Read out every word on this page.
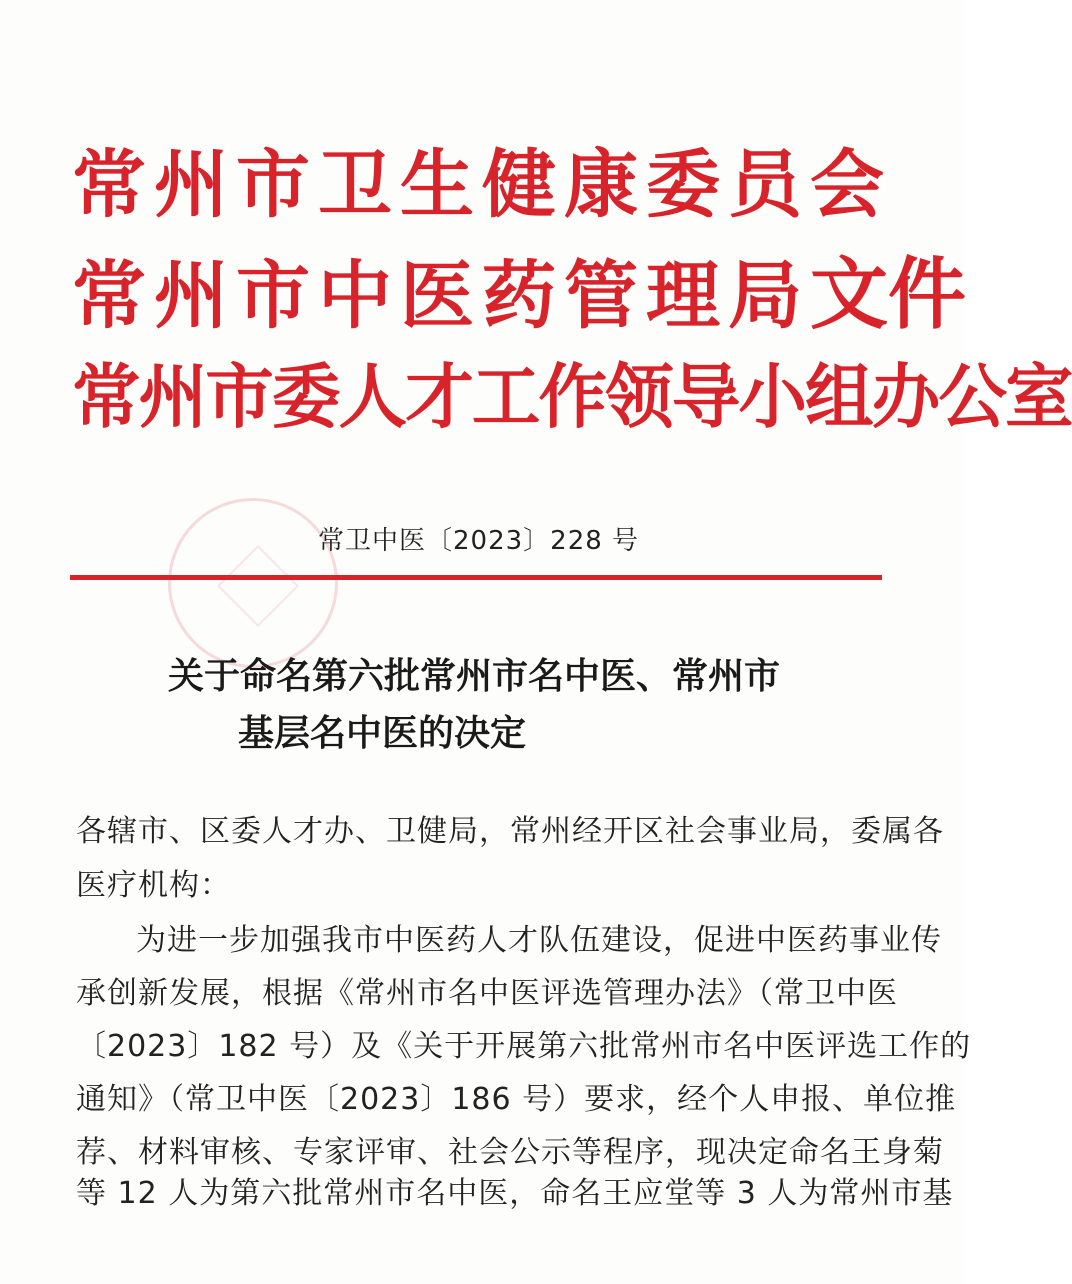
常州市卫生健康委员会
常州市中医药管理局文件
常州市委人才工作领导小组办公室
常卫中医〔2023〕228 号
关于命名第六批常州市名中医、常州市
基层名中医的决定
各辖市、区委人才办、卫健局，常州经开区社会事业局，委属各
医疗机构：
为进一步加强我市中医药人才队伍建设，促进中医药事业传
承创新发展，根据《常州市名中医评选管理办法》（常卫中医
〔2023〕182 号）及《关于开展第六批常州市名中医评选工作的
通知》（常卫中医〔2023〕186 号）要求，经个人申报、单位推
荐、材料审核、专家评审、社会公示等程序，现决定命名王身菊
等 12 人为第六批常州市名中医，命名王应堂等 3 人为常州市基
